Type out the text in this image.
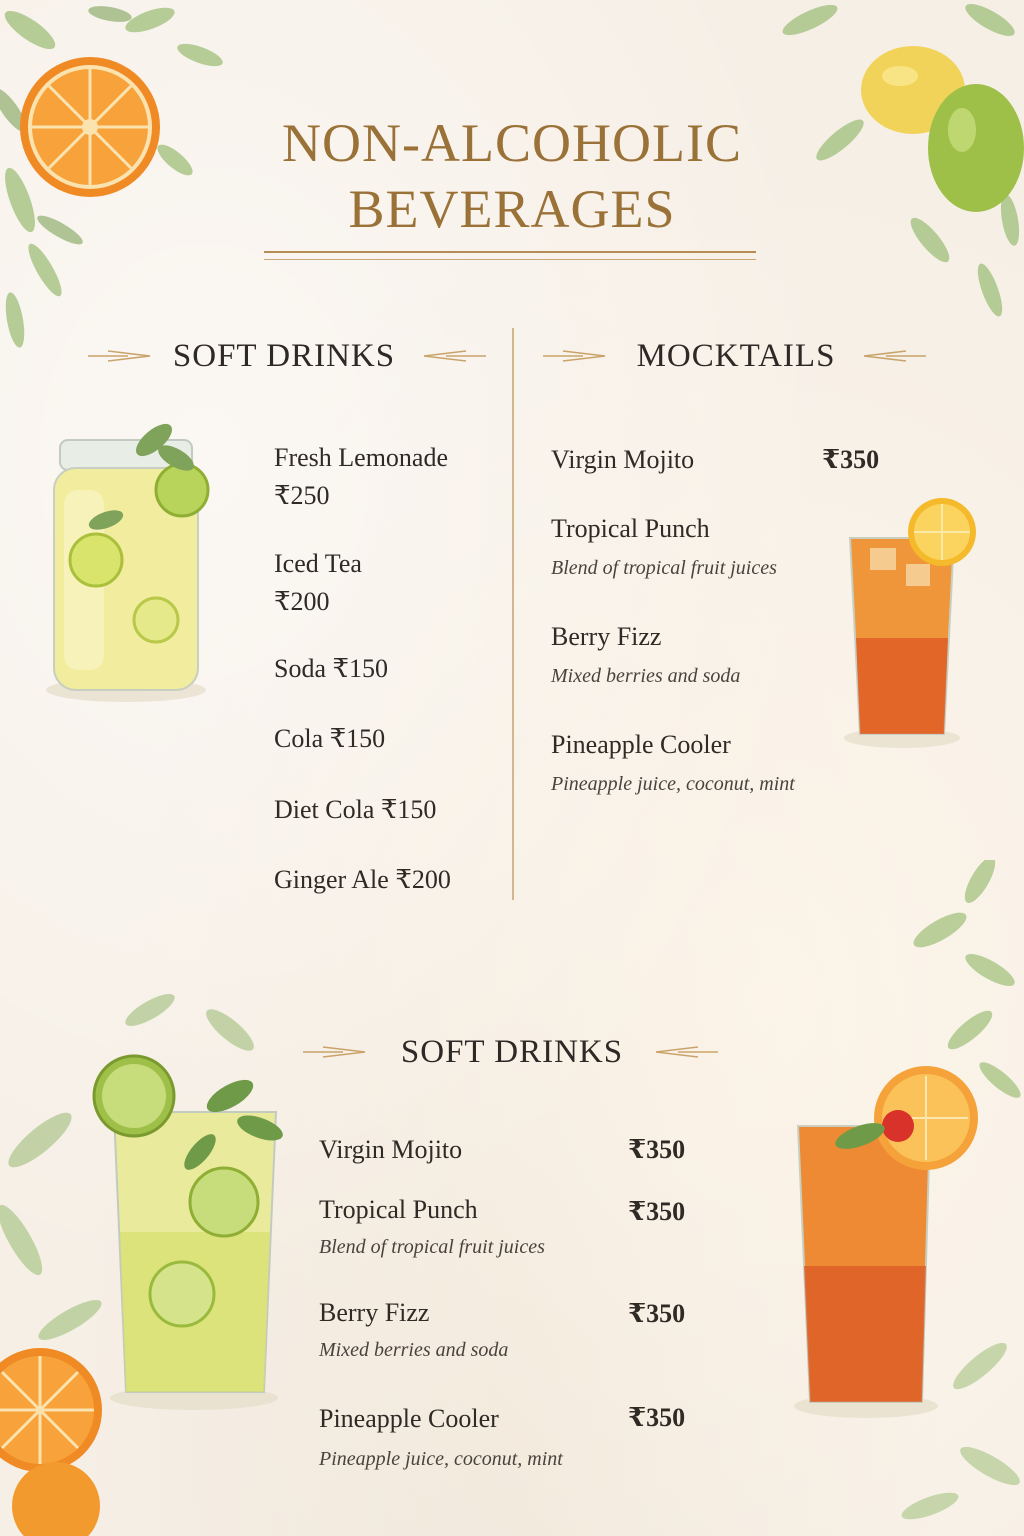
NON-ALCOHOLIC
BEVERAGES
SOFT DRINKS	MOCKTAILS
Fresh Lemonade
₹250
Iced Tea
₹200
Soda ₹150
Cola ₹150
Diet Cola ₹150
Ginger Ale ₹200
Virgin Mojito	₹350
Tropical Punch
Blend of tropical fruit juices
Berry Fizz
Mixed berries and soda
Pineapple Cooler
Pineapple juice, coconut, mint
SOFT DRINKS
Virgin Mojito	₹350
Tropical Punch	₹350
Blend of tropical fruit juices
Berry Fizz	₹350
Mixed berries and soda
Pineapple Cooler	₹350
Pineapple juice, coconut, mint
